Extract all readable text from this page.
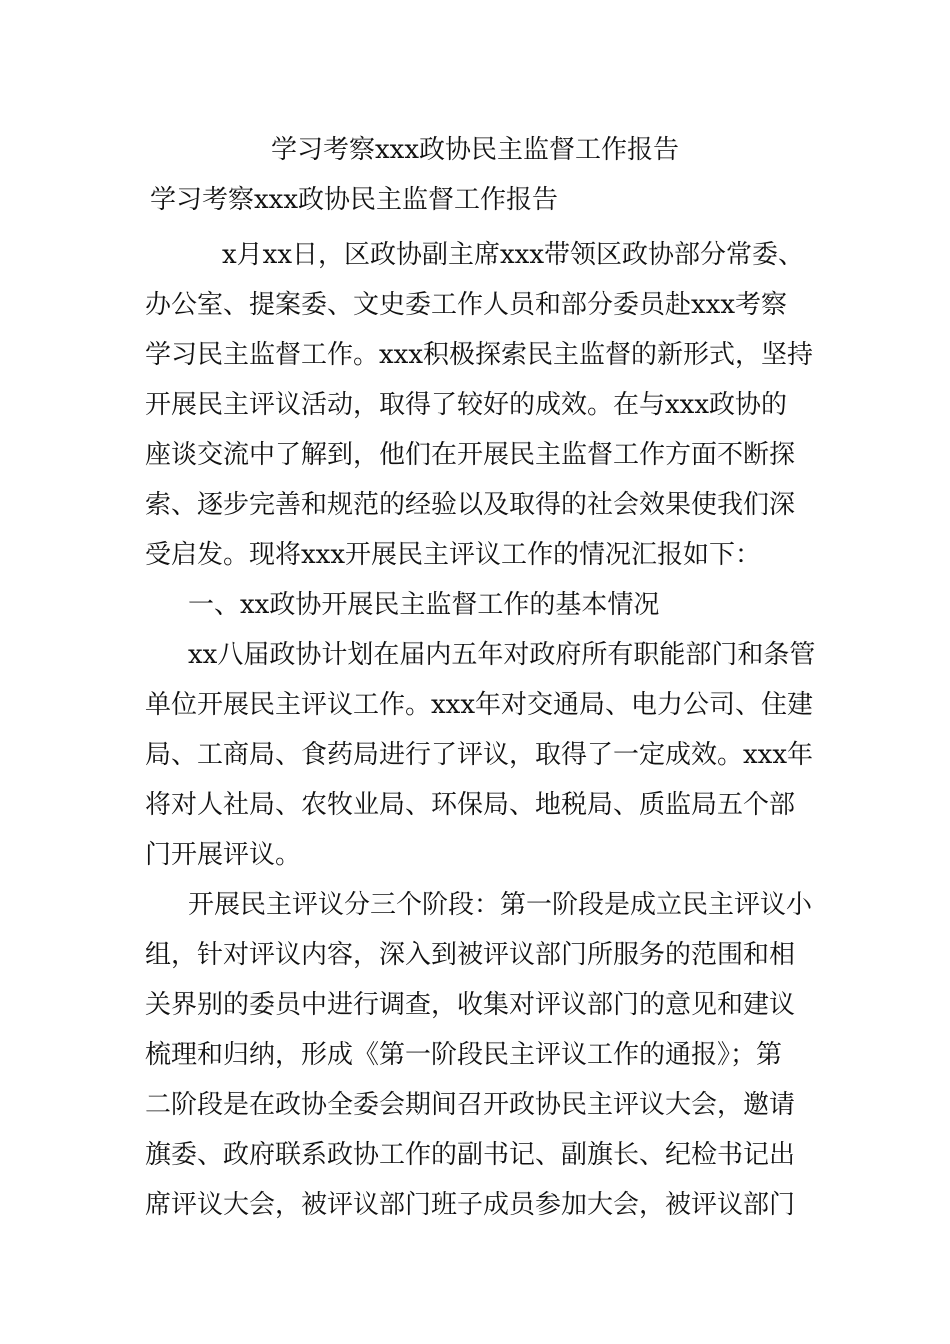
学习考察xxx政协民主监督工作报告
学习考察xxx政协民主监督工作报告
x月xx日，区政协副主席xxx带领区政协部分常委、
办公室、提案委、文史委工作人员和部分委员赴xxx考察
学习民主监督工作。xxx积极探索民主监督的新形式，坚持
开展民主评议活动，取得了较好的成效。在与xxx政协的
座谈交流中了解到，他们在开展民主监督工作方面不断探
索、逐步完善和规范的经验以及取得的社会效果使我们深
受启发。现将xxx开展民主评议工作的情况汇报如下：
一、xx政协开展民主监督工作的基本情况
xx八届政协计划在届内五年对政府所有职能部门和条管
单位开展民主评议工作。xxx年对交通局、电力公司、住建
局、工商局、食药局进行了评议，取得了一定成效。xxx年
将对人社局、农牧业局、环保局、地税局、质监局五个部
门开展评议。
开展民主评议分三个阶段：第一阶段是成立民主评议小
组，针对评议内容，深入到被评议部门所服务的范围和相
关界别的委员中进行调查，收集对评议部门的意见和建议
梳理和归纳，形成《第一阶段民主评议工作的通报》；第
二阶段是在政协全委会期间召开政协民主评议大会，邀请
旗委、政府联系政协工作的副书记、副旗长、纪检书记出
席评议大会，被评议部门班子成员参加大会，被评议部门
